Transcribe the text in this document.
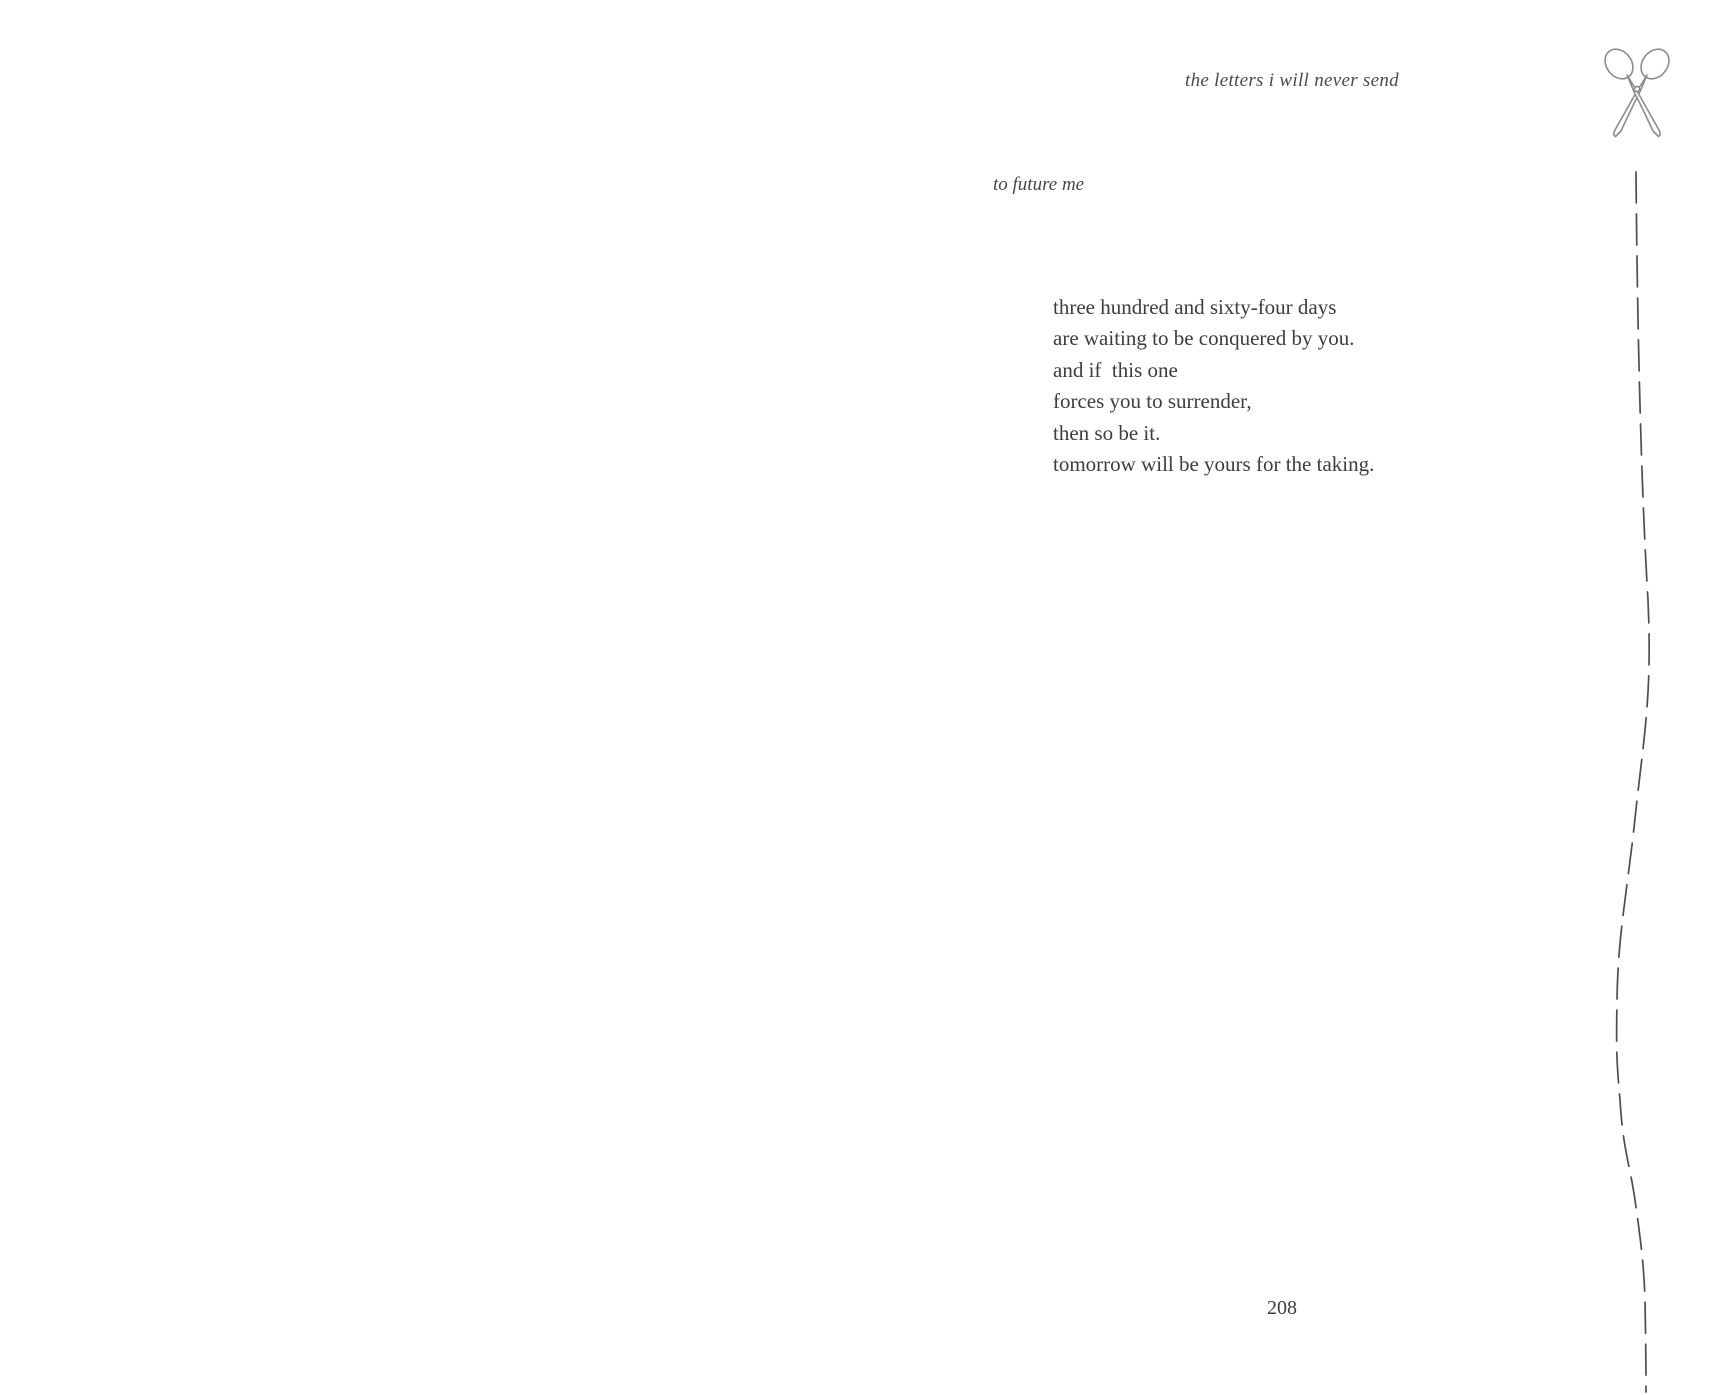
the letters i will never send
to future me
three hundred and sixty-four days
are waiting to be conquered by you.
and if  this one
forces you to surrender,
then so be it.
tomorrow will be yours for the taking.
208
